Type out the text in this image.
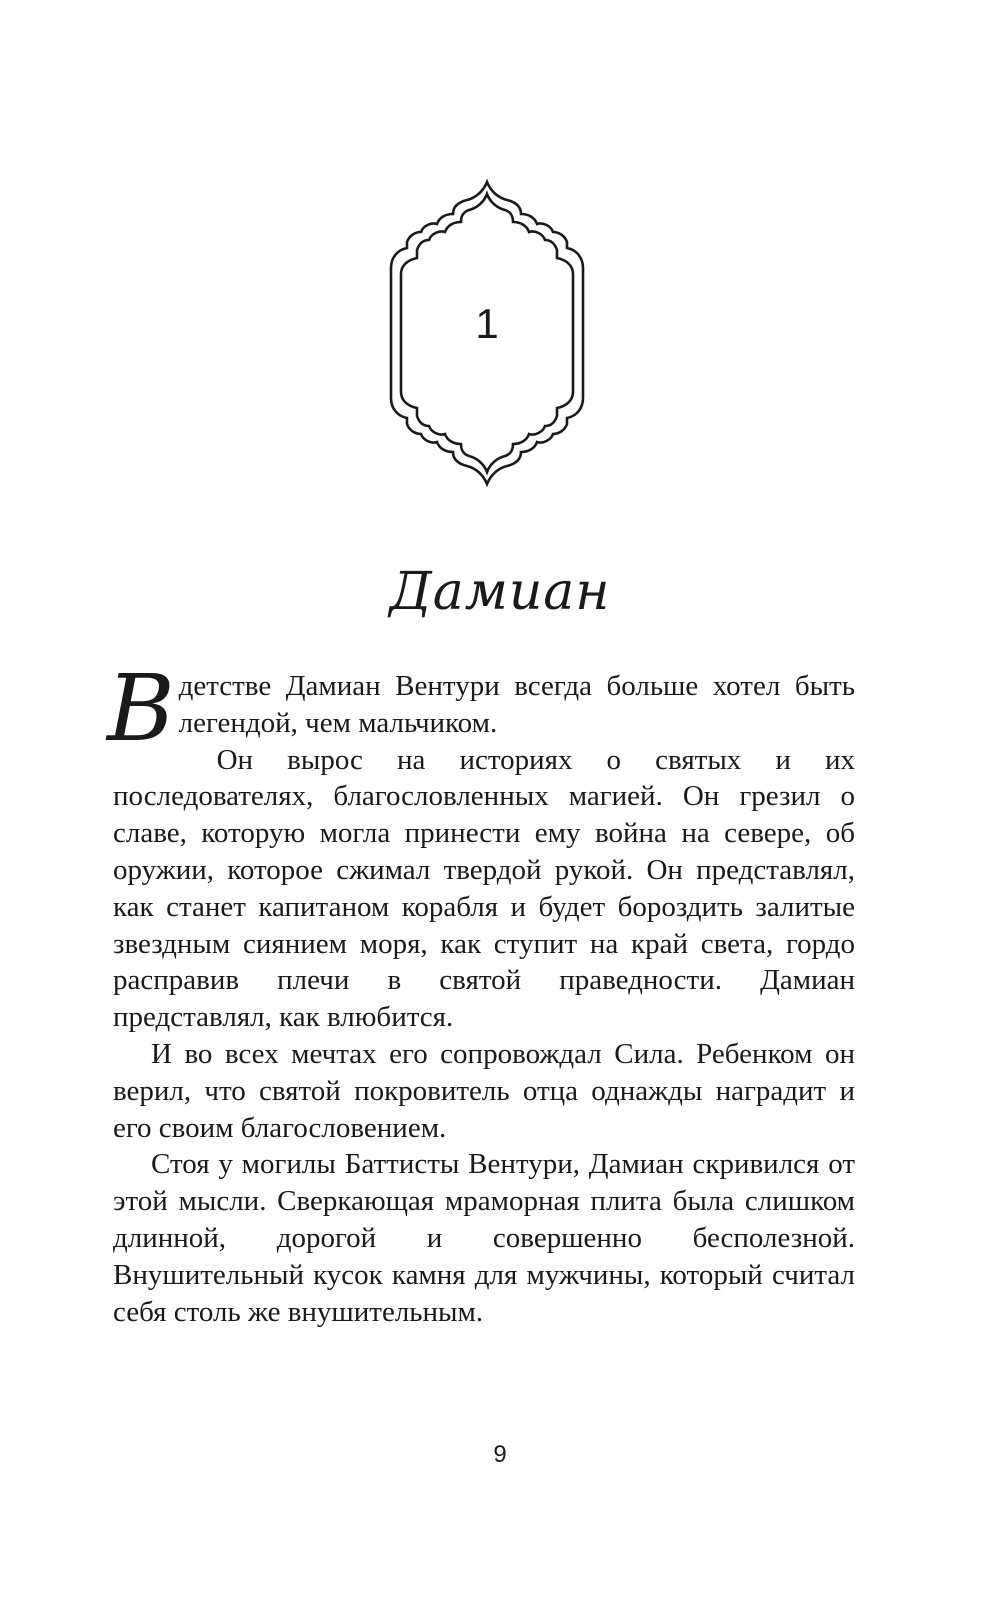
1
Дамиан

Вдетстве Дамиан Вентури всегда больше хотел быть легендой, чем мальчиком.

Он вырос на историях о святых и их последователях, благословленных магией. Он грезил о славе, которую могла принести ему война на севере, об оружии, которое сжимал твердой рукой. Он представлял, как станет капитаном корабля и будет бороздить залитые звездным сиянием моря, как ступит на край света, гордо расправив плечи в святой праведности. Дамиан представлял, как влюбится.

И во всех мечтах его сопровождал Сила. Ребенком он верил, что святой покровитель отца однажды наградит и его своим благословением.

Стоя у могилы Баттисты Вентури, Дамиан скривился от этой мысли. Сверкающая мраморная плита была слишком длинной, дорогой и совершенно бесполезной. Внушительный кусок камня для мужчины, который считал себя столь же внушительным.

9
